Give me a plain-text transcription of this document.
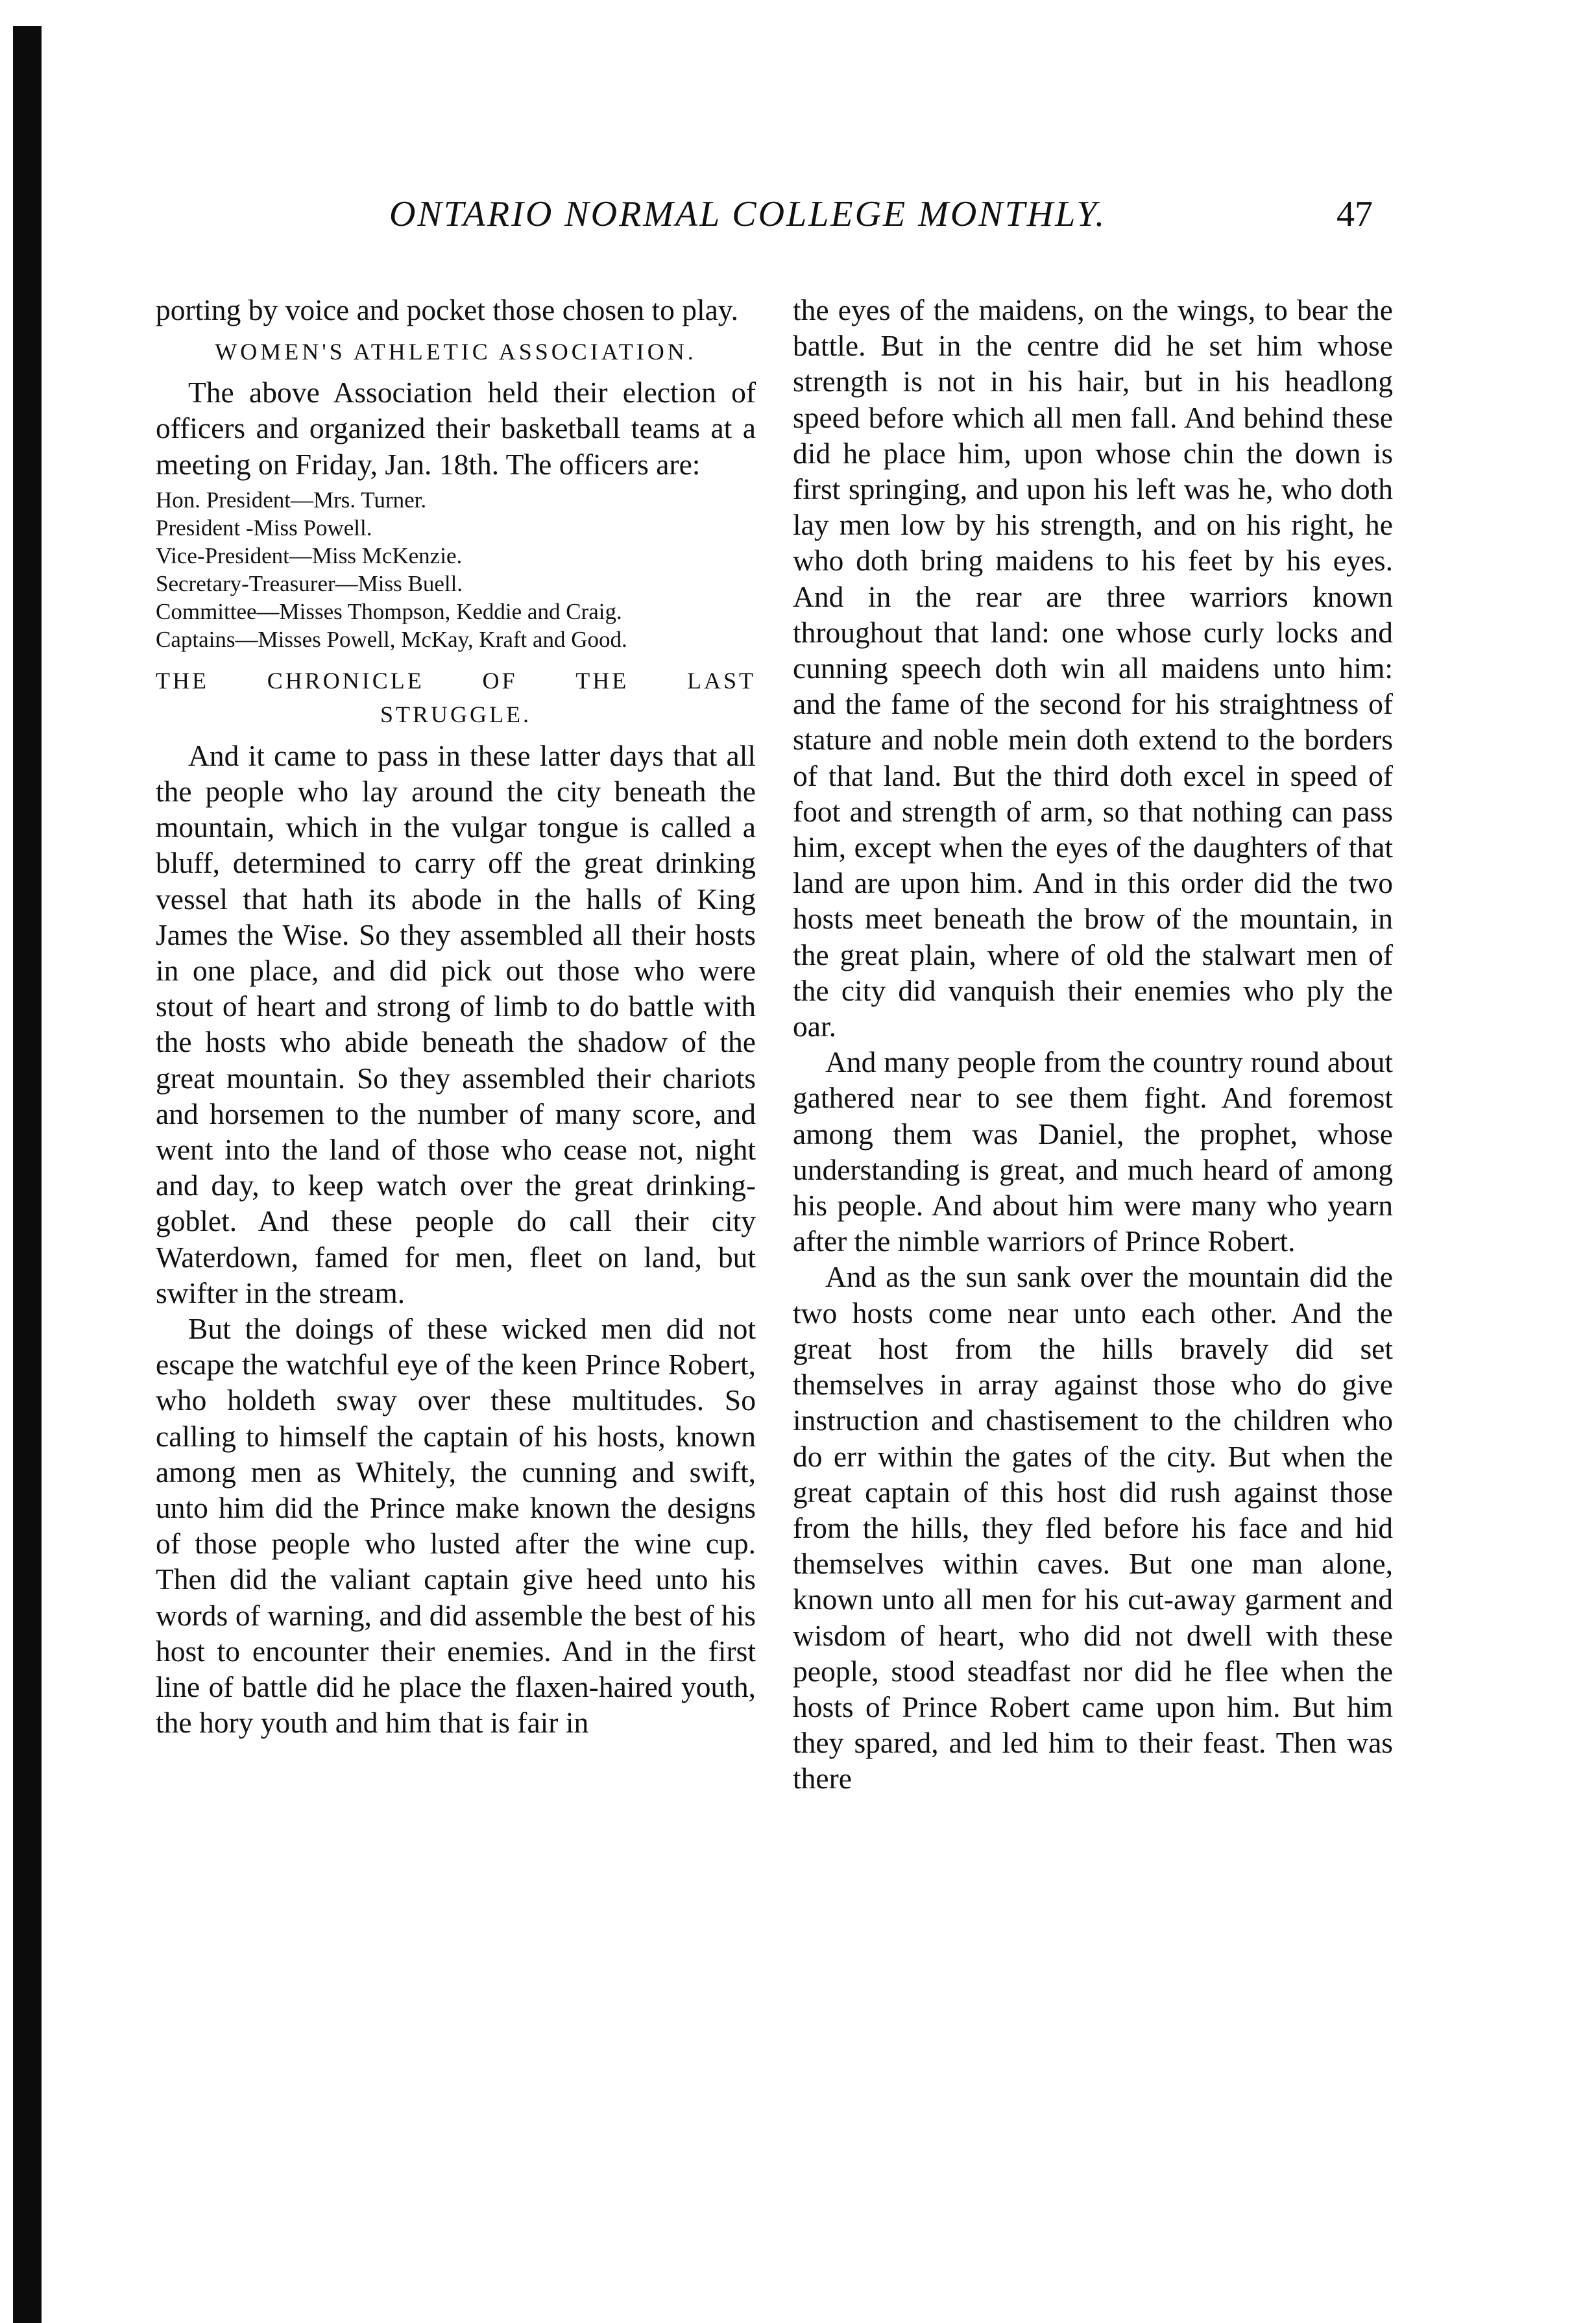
ONTARIO NORMAL COLLEGE MONTHLY.	47

porting by voice and pocket those chosen to play.

WOMEN'S ATHLETIC ASSOCIATION.

The above Association held their election of officers and organized their basketball teams at a meeting on Friday, Jan. 18th. The officers are:

Hon. President—Mrs. Turner.
President -Miss Powell.
Vice-President—Miss McKenzie.
Secretary-Treasurer—Miss Buell.
Committee—Misses Thompson, Keddie and Craig.
Captains—Misses Powell, McKay, Kraft and Good.
THE CHRONICLE OF THE LAST
STRUGGLE.

And it came to pass in these latter days that all the people who lay around the city beneath the mountain, which in the vulgar tongue is called a bluff, determined to carry off the great drinking vessel that hath its abode in the halls of King James the Wise. So they assembled all their hosts in one place, and did pick out those who were stout of heart and strong of limb to do battle with the hosts who abide beneath the shadow of the great mountain. So they assembled their chariots and horsemen to the number of many score, and went into the land of those who cease not, night and day, to keep watch over the great drinking-goblet. And these people do call their city Waterdown, famed for men, fleet on land, but swifter in the stream.

But the doings of these wicked men did not escape the watchful eye of the keen Prince Robert, who holdeth sway over these multitudes. So calling to himself the captain of his hosts, known among men as Whitely, the cunning and swift, unto him did the Prince make known the designs of those people who lusted after the wine cup. Then did the valiant captain give heed unto his words of warning, and did assemble the best of his host to encounter their enemies. And in the first line of battle did he place the flaxen-haired youth, the hory youth and him that is fair in

the eyes of the maidens, on the wings, to bear the battle. But in the centre did he set him whose strength is not in his hair, but in his headlong speed before which all men fall. And behind these did he place him, upon whose chin the down is first springing, and upon his left was he, who doth lay men low by his strength, and on his right, he who doth bring maidens to his feet by his eyes. And in the rear are three warriors known throughout that land: one whose curly locks and cunning speech doth win all maidens unto him: and the fame of the second for his straightness of stature and noble mein doth extend to the borders of that land. But the third doth excel in speed of foot and strength of arm, so that nothing can pass him, except when the eyes of the daughters of that land are upon him. And in this order did the two hosts meet beneath the brow of the mountain, in the great plain, where of old the stalwart men of the city did vanquish their enemies who ply the oar.

And many people from the country round about gathered near to see them fight. And foremost among them was Daniel, the prophet, whose understanding is great, and much heard of among his people. And about him were many who yearn after the nimble warriors of Prince Robert.

And as the sun sank over the mountain did the two hosts come near unto each other. And the great host from the hills bravely did set themselves in array against those who do give instruction and chastisement to the children who do err within the gates of the city. But when the great captain of this host did rush against those from the hills, they fled before his face and hid themselves within caves. But one man alone, known unto all men for his cut-away garment and wisdom of heart, who did not dwell with these people, stood steadfast nor did he flee when the hosts of Prince Robert came upon him. But him they spared, and led him to their feast. Then was there
